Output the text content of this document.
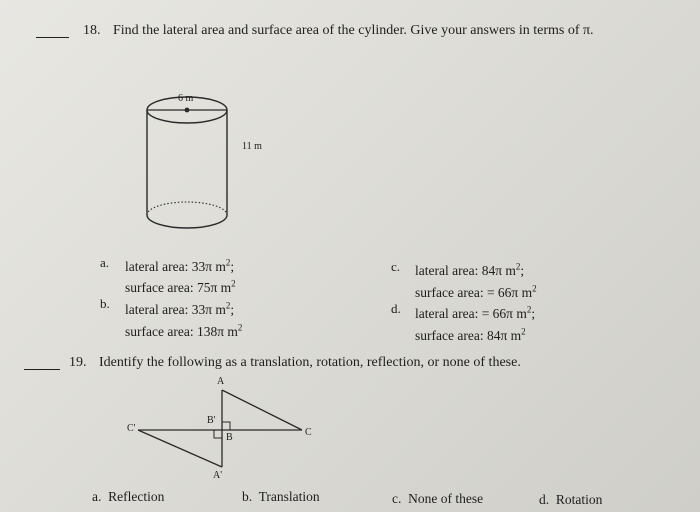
18. Find the lateral area and surface area of the cylinder. Give your answers in terms of π.
6 m
11 m
a. lateral area: 33π $m^2$;
surface area: 75π $m^2$
b. lateral area: 33π $m^2$;
surface area: 138π $m^2$
c. lateral area: 84π $m^2$;
surface area: = 66π $m^2$
d. lateral area: = 66π $m^2$;
surface area: 84π $m^2$
19. Identify the following as a translation, rotation, reflection, or none of these.
A
B'
B
C'	C
A'
a. Reflection	b. Translation	c. None of these	d. Rotation
